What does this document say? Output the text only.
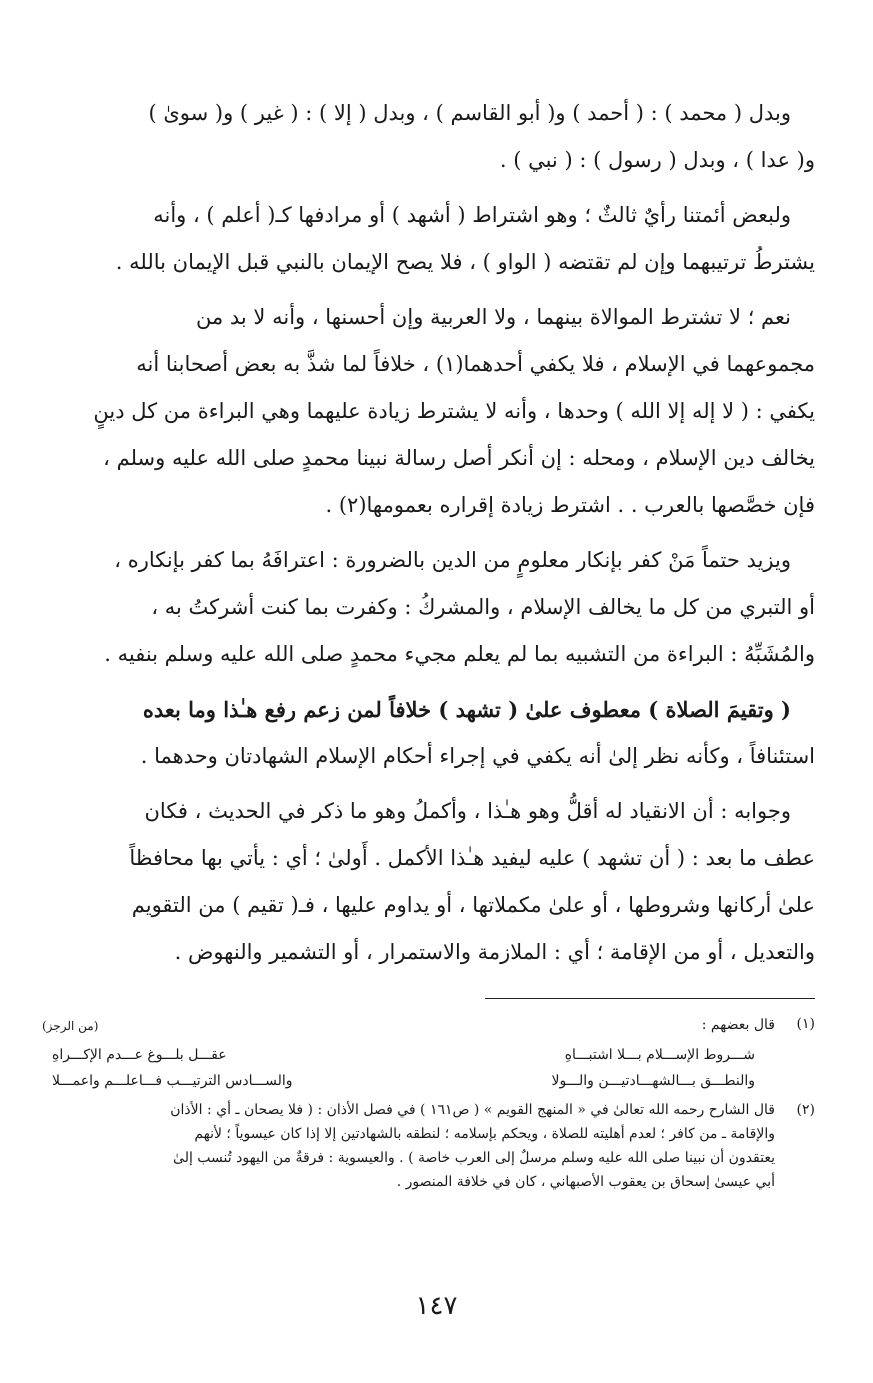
وبدل ( محمد ) : ( أحمد ) و( أبو القاسم ) ، وبدل ( إلا ) : ( غير ) و( سوىٰ )

و( عدا ) ، وبدل ( رسول ) : ( نبي ) .

ولبعض أئمتنا رأيٌ ثالثٌ ؛ وهو اشتراط ( أشهد ) أو مرادفها كـ( أعلم ) ، وأنه

يشترطُ ترتيبهما وإن لم تقتضه ( الواو ) ، فلا يصح الإيمان بالنبي قبل الإيمان بالله .

نعم ؛ لا تشترط الموالاة بينهما ، ولا العربية وإن أحسنها ، وأنه لا بد من

مجموعهما في الإسلام ، فلا يكفي أحدهما(١) ، خلافاً لما شذَّ به بعض أصحابنا أنه

يكفي : ( لا إله إلا الله ) وحدها ، وأنه لا يشترط زيادة عليهما وهي البراءة من كل دينٍ

يخالف دين الإسلام ، ومحله : إن أنكر أصل رسالة نبينا محمدٍ صلى الله عليه وسلم ،

فإن خصَّصها بالعرب . . اشترط زيادة إقراره بعمومها(٢) .

ويزيد حتماً مَنْ كفر بإنكار معلومٍ من الدين بالضرورة : اعترافَهُ بما كفر بإنكاره ،

أو التبري من كل ما يخالف الإسلام ، والمشركُ : وكفرت بما كنت أشركتُ به ،

والمُشَبِّهُ : البراءة من التشبيه بما لم يعلم مجيء محمدٍ صلى الله عليه وسلم بنفيه .

( وتقيمَ الصلاة ) معطوف علىٰ ( تشهد ) خلافاً لمن زعم رفع هـٰذا وما بعده

استئنافاً ، وكأنه نظر إلىٰ أنه يكفي في إجراء أحكام الإسلام الشهادتان وحدهما .

وجوابه : أن الانقياد له أقلُّ وهو هـٰذا ، وأكملُ وهو ما ذكر في الحديث ، فكان

عطف ما بعد : ( أن تشهد ) عليه ليفيد هـٰذا الأكمل . أَولىٰ ؛ أي : يأتي بها محافظاً

علىٰ أركانها وشروطها ، أو علىٰ مكملاتها ، أو يداوم عليها ، فـ( تقيم ) من التقويم

والتعديل ، أو من الإقامة ؛ أي : الملازمة والاستمرار ، أو التشمير والنهوض .

(١)
قال بعضهم :
(من الرجز)
شـــروط الإســـلام بـــلا اشتبـــاهِ
عقـــل بلـــوغ عـــدم الإكـــراهِ
والنطـــق بـــالشهـــادتيـــن والـــولا
والســـادس الترتيـــب فـــاعلـــم واعمـــلا
(٢)
قال الشارح رحمه الله تعالىٰ في « المنهج القويم » ( ص١٦١ ) في فصل الأذان : ( فلا يصحان ـ أي : الأذان
والإقامة ـ من كافر ؛ لعدم أهليته للصلاة ، ويحكم بإسلامه ؛ لنطقه بالشهادتين إلا إذا كان عيسوياً ؛ لأنهم
يعتقدون أن نبينا صلى الله عليه وسلم مرسلٌ إلى العرب خاصة ) . والعيسوية : فرقةٌ من اليهود تُنسب إلىٰ
أبي عيسىٰ إسحاق بن يعقوب الأصبهاني ، كان في خلافة المنصور .
١٤٧
